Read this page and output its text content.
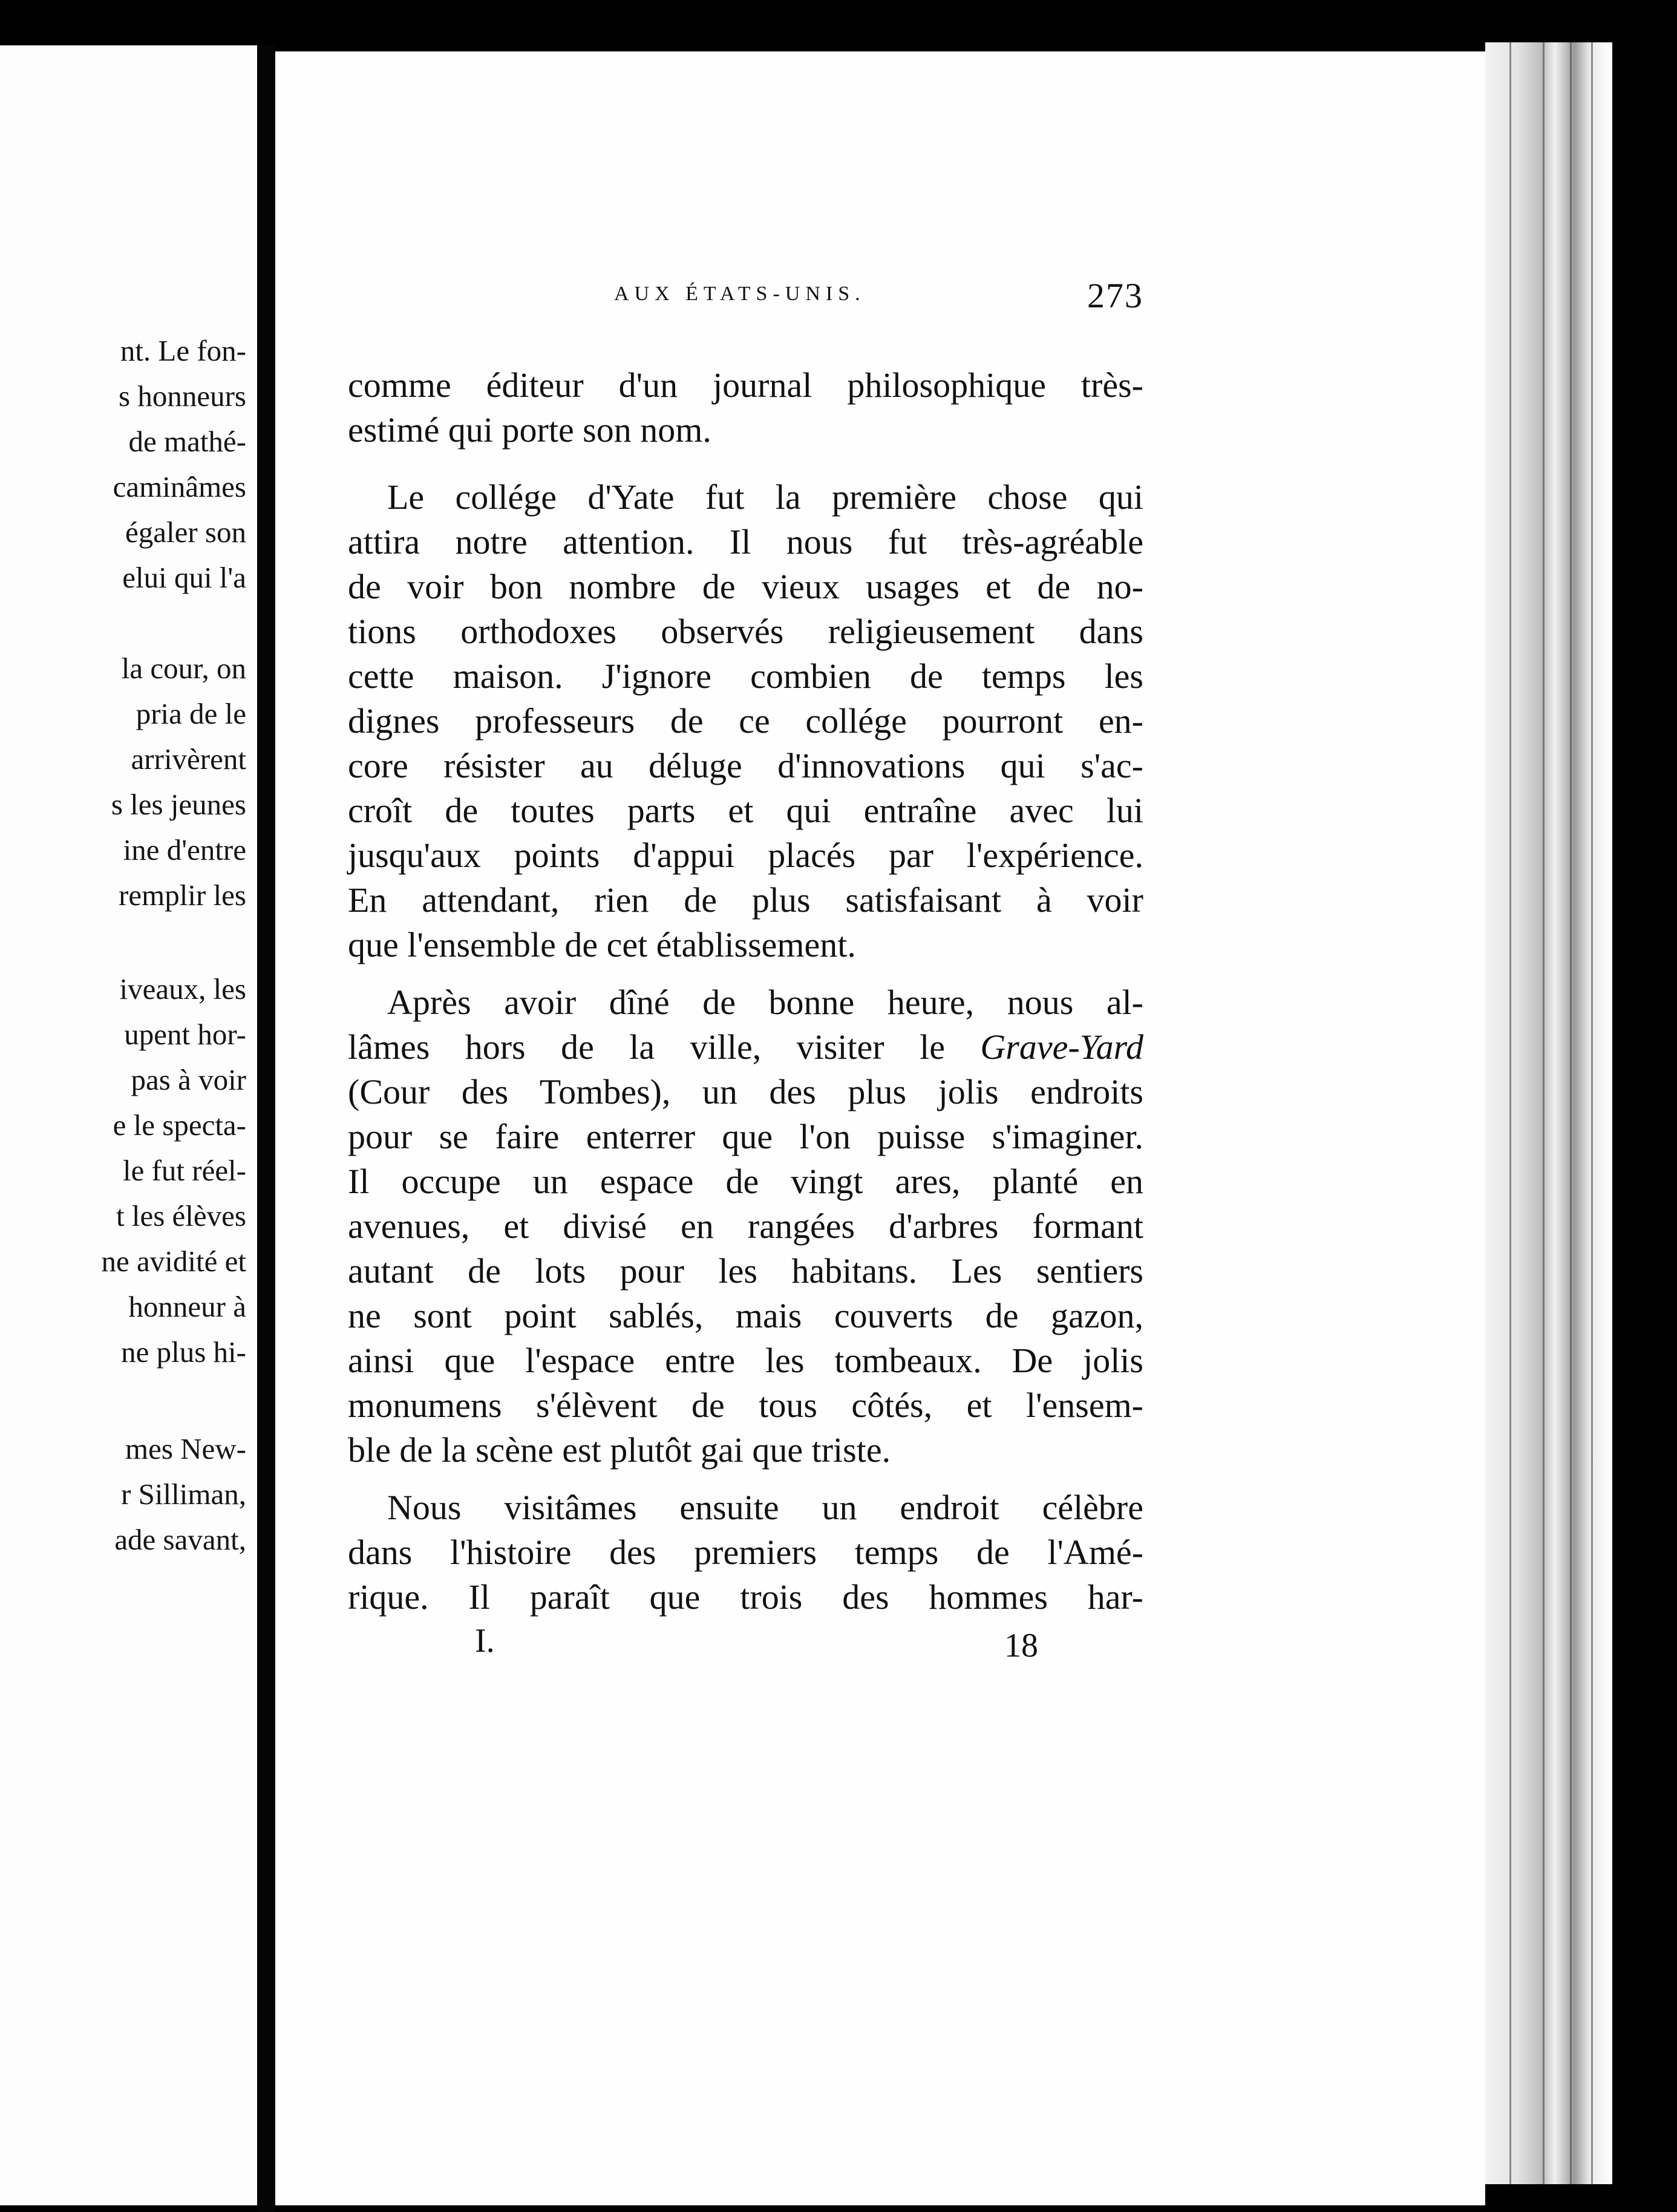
nt. Le fon-
s honneurs
de mathé-
caminâmes
égaler son
elui qui l'a
la cour, on
pria de le
arrivèrent
s les jeunes
ine d'entre
remplir les
iveaux, les
upent hor-
pas à voir
e le specta-
le fut réel-
t les élèves
ne avidité et
honneur à
ne plus hi-
mes New-
r Silliman,
ade savant,
AUX ÉTATS-UNIS.	273
comme éditeur d'un journal philosophique très-
estimé qui porte son nom.
Le collége d'Yate fut la première chose qui
attira notre attention. Il nous fut très-agréable
de voir bon nombre de vieux usages et de no-
tions orthodoxes observés religieusement dans
cette maison. J'ignore combien de temps les
dignes professeurs de ce collége pourront en-
core résister au déluge d'innovations qui s'ac-
croît de toutes parts et qui entraîne avec lui
jusqu'aux points d'appui placés par l'expérience.
En attendant, rien de plus satisfaisant à voir
que l'ensemble de cet établissement.
Après avoir dîné de bonne heure, nous al-
lâmes hors de la ville, visiter le Grave-Yard
(Cour des Tombes), un des plus jolis endroits
pour se faire enterrer que l'on puisse s'imaginer.
Il occupe un espace de vingt ares, planté en
avenues, et divisé en rangées d'arbres formant
autant de lots pour les habitans. Les sentiers
ne sont point sablés, mais couverts de gazon,
ainsi que l'espace entre les tombeaux. De jolis
monumens s'élèvent de tous côtés, et l'ensem-
ble de la scène est plutôt gai que triste.
Nous visitâmes ensuite un endroit célèbre
dans l'histoire des premiers temps de l'Amé-
rique. Il paraît que trois des hommes har-
I.	18
